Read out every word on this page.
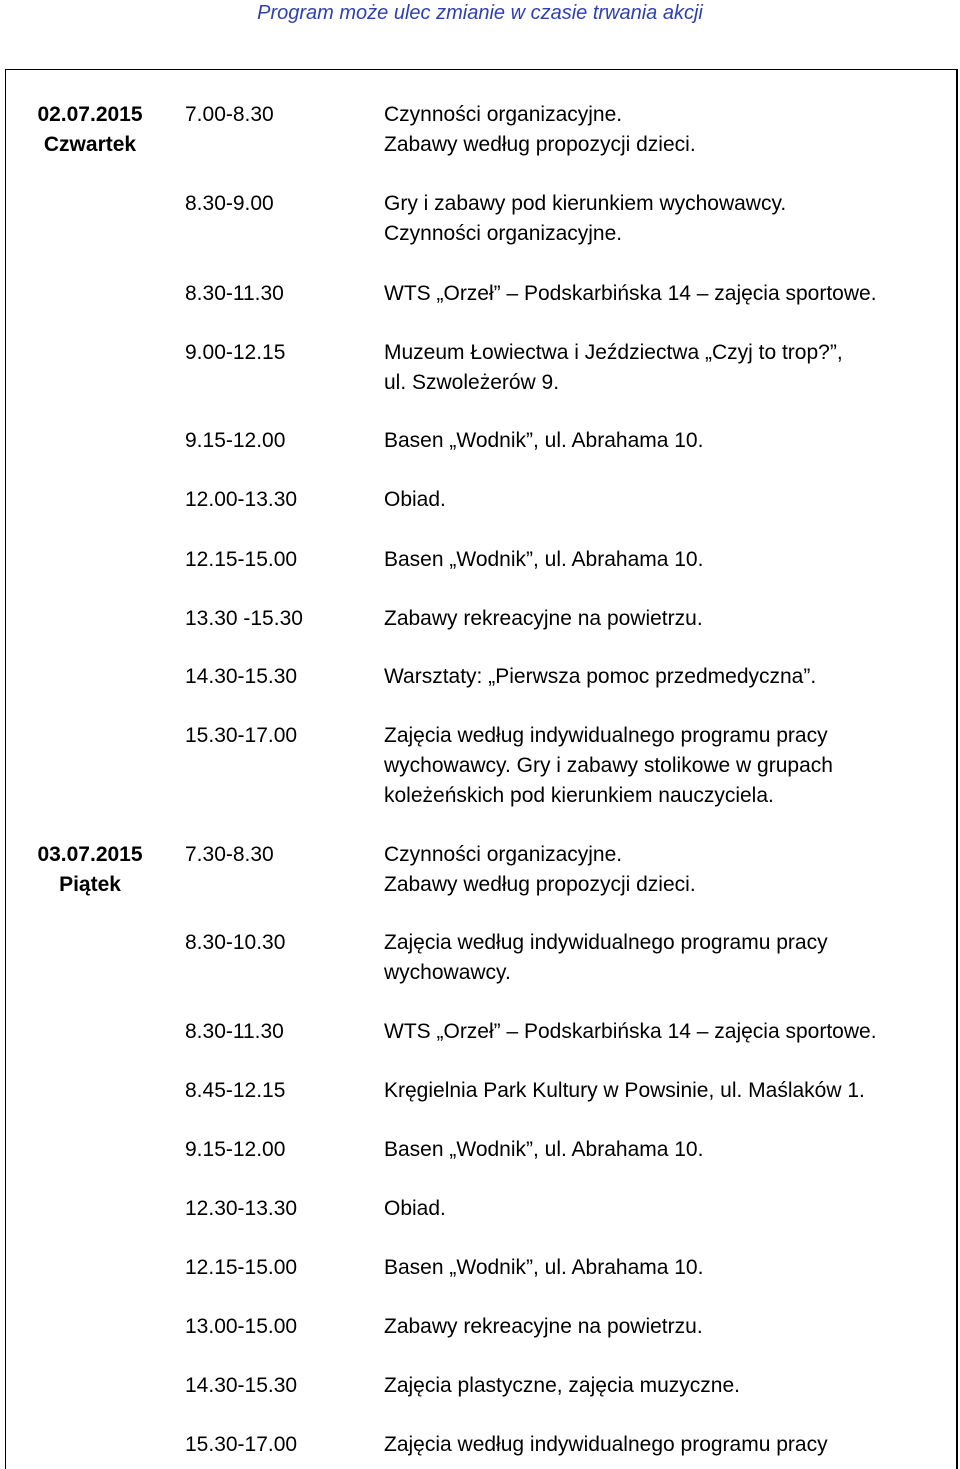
Program może ulec zmianie w czasie trwania akcji
02.07.2015
Czwartek
7.00-8.30	Czynności organizacyjne.
Zabawy według propozycji dzieci.
8.30-9.00	Gry i zabawy pod kierunkiem wychowawcy.
Czynności organizacyjne.
8.30-11.30	WTS „Orzeł” – Podskarbińska 14 – zajęcia sportowe.
9.00-12.15	Muzeum Łowiectwa i Jeździectwa „Czyj to trop?”,
ul. Szwoleżerów 9.
9.15-12.00	Basen „Wodnik”, ul. Abrahama 10.
12.00-13.30	Obiad.
12.15-15.00	Basen „Wodnik”, ul. Abrahama 10.
13.30 -15.30	Zabawy rekreacyjne na powietrzu.
14.30-15.30	Warsztaty: „Pierwsza pomoc przedmedyczna”.
15.30-17.00	Zajęcia według indywidualnego programu pracy
wychowawcy. Gry i zabawy stolikowe w grupach
koleżeńskich pod kierunkiem nauczyciela.
03.07.2015
Piątek
7.30-8.30	Czynności organizacyjne.
Zabawy według propozycji dzieci.
8.30-10.30	Zajęcia według indywidualnego programu pracy
wychowawcy.
8.30-11.30	WTS „Orzeł” – Podskarbińska 14 – zajęcia sportowe.
8.45-12.15	Kręgielnia Park Kultury w Powsinie, ul. Maślaków 1.
9.15-12.00	Basen „Wodnik”, ul. Abrahama 10.
12.30-13.30	Obiad.
12.15-15.00	Basen „Wodnik”, ul. Abrahama 10.
13.00-15.00	Zabawy rekreacyjne na powietrzu.
14.30-15.30	Zajęcia plastyczne, zajęcia muzyczne.
15.30-17.00	Zajęcia według indywidualnego programu pracy
